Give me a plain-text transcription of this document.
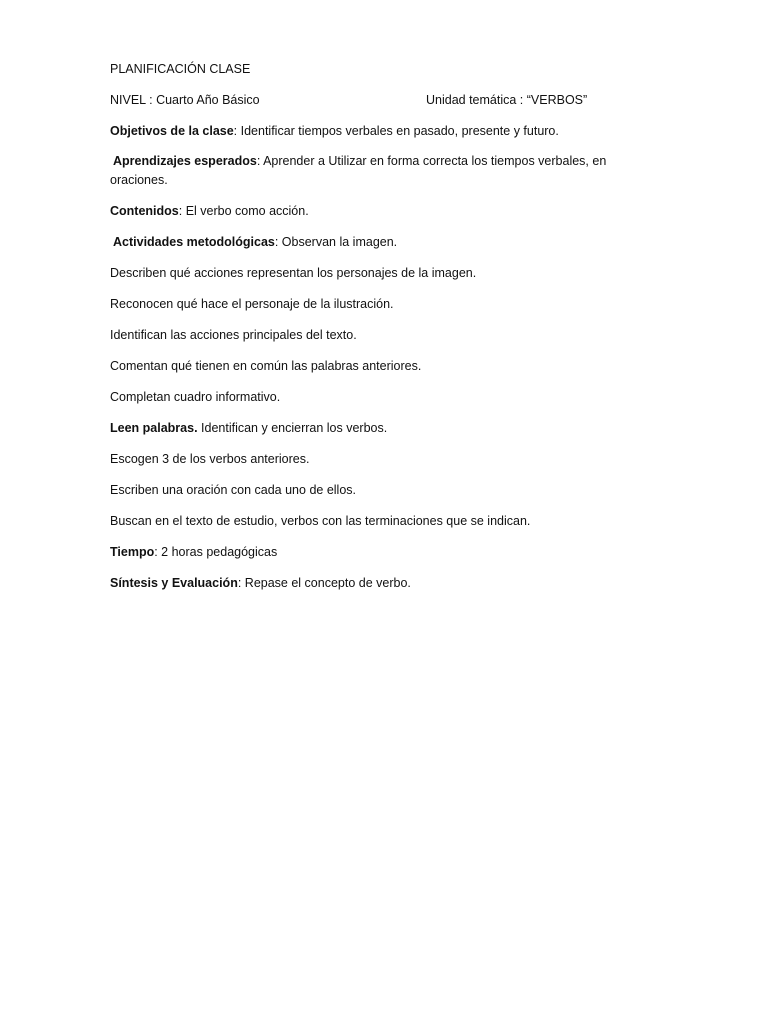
PLANIFICACIÓN CLASE
NIVEL : Cuarto Año Básico	Unidad temática : “VERBOS”
Objetivos de la clase: Identificar tiempos verbales en pasado, presente y futuro.
Aprendizajes esperados: Aprender a Utilizar en forma correcta los tiempos verbales, en oraciones.
Contenidos: El verbo como acción.
Actividades metodológicas: Observan la imagen.
Describen qué acciones representan los personajes de la imagen.
Reconocen qué hace el personaje de la ilustración.
Identifican las acciones principales del texto.
Comentan qué tienen en común las palabras anteriores.
Completan cuadro informativo.
Leen palabras. Identifican y encierran los verbos.
Escogen 3 de los verbos anteriores.
Escriben una oración con cada uno de ellos.
Buscan en el texto de estudio, verbos con las terminaciones que se indican.
Tiempo: 2 horas pedagógicas
Síntesis y Evaluación: Repase el concepto de verbo.
